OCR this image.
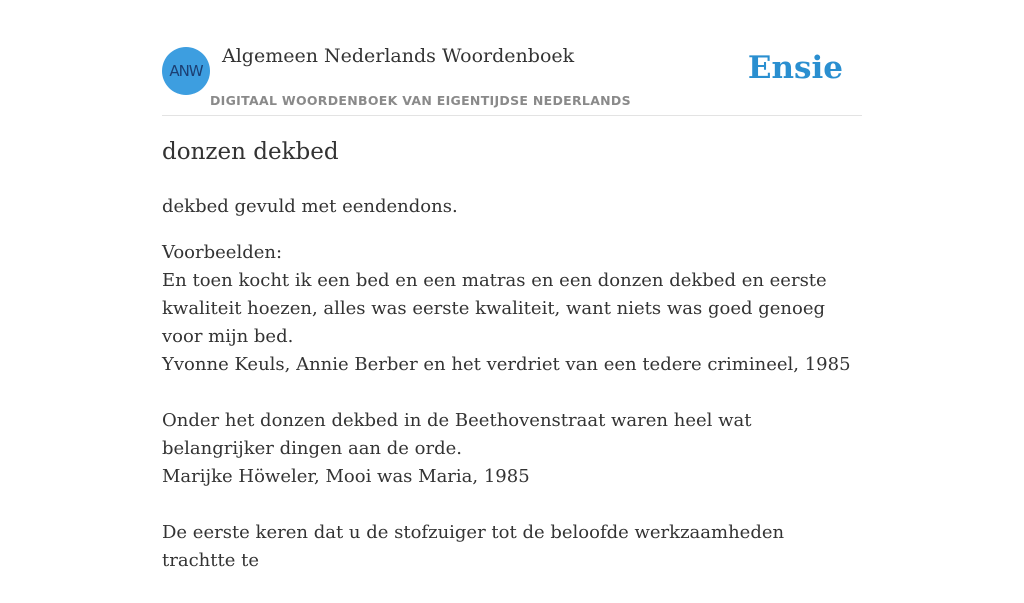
ANW
Algemeen Nederlands Woordenboek
DIGITAAL WOORDENBOEK VAN EIGENTIJDSE NEDERLANDS
Ensie
donzen dekbed

dekbed gevuld met eendendons.

Voorbeelden:
En toen kocht ik een bed en een matras en een donzen dekbed en eerste kwaliteit hoezen, alles was eerste kwaliteit, want niets was goed genoeg voor mijn bed.
Yvonne Keuls, Annie Berber en het verdriet van een tedere crimineel, 1985
Onder het donzen dekbed in de Beethovenstraat waren heel wat belangrijker dingen aan de orde.
Marijke Höweler, Mooi was Maria, 1985
De eerste keren dat u de stofzuiger tot de beloofde werkzaamheden trachtte te
